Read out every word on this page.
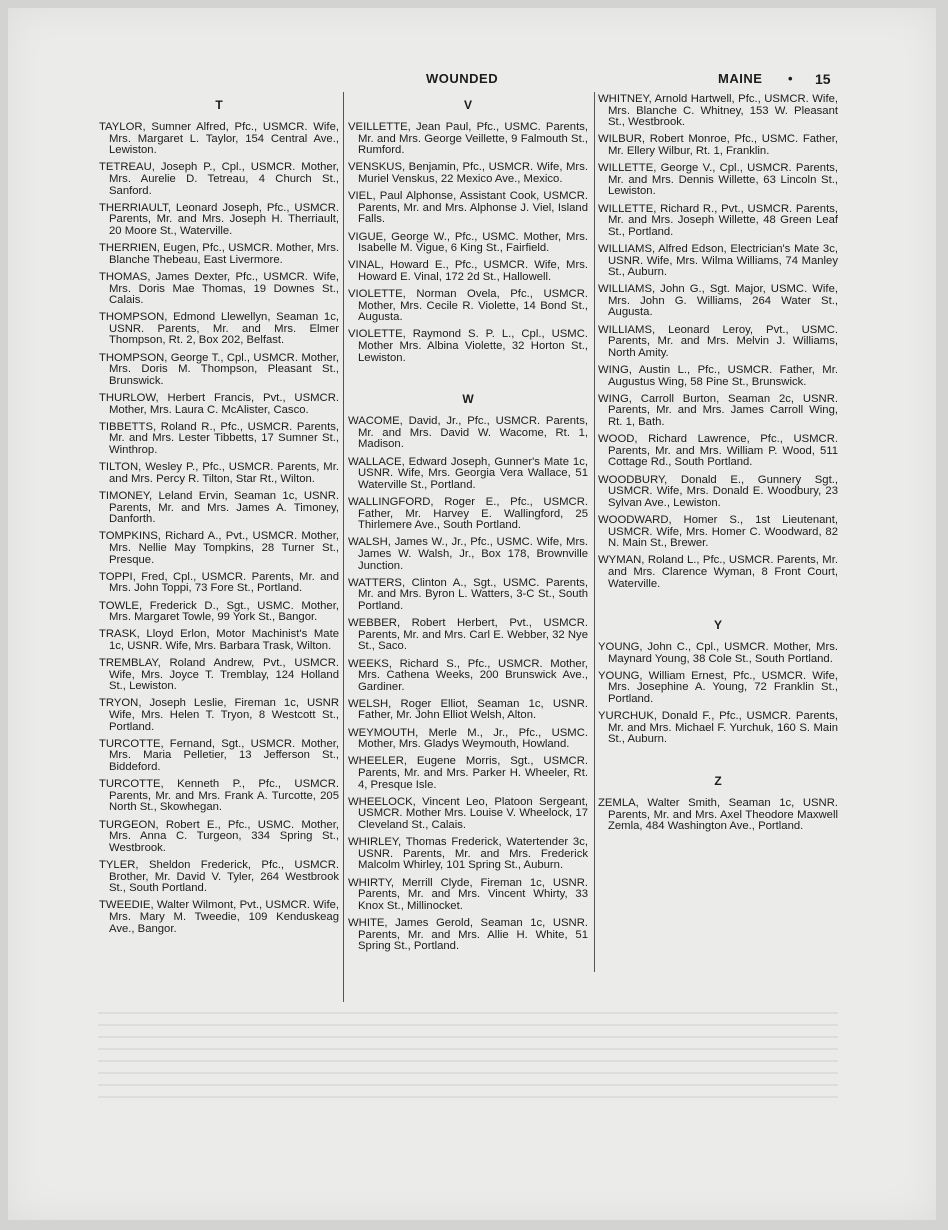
WOUNDED	MAINE • 15
T
TAYLOR, Sumner Alfred, Pfc., USMCR. Wife, Mrs. Margaret L. Taylor, 154 Central Ave., Lewiston.
TETREAU, Joseph P., Cpl., USMCR. Mother, Mrs. Aurelie D. Tetreau, 4 Church St., Sanford.
THERRIAULT, Leonard Joseph, Pfc., USMCR. Parents, Mr. and Mrs. Joseph H. Therriault, 20 Moore St., Waterville.
THERRIEN, Eugen, Pfc., USMCR. Mother, Mrs. Blanche Thebeau, East Livermore.
THOMAS, James Dexter, Pfc., USMCR. Wife, Mrs. Doris Mae Thomas, 19 Downes St., Calais.
THOMPSON, Edmond Llewellyn, Seaman 1c, USNR. Parents, Mr. and Mrs. Elmer Thompson, Rt. 2, Box 202, Belfast.
THOMPSON, George T., Cpl., USMCR. Mother, Mrs. Doris M. Thompson, Pleasant St., Brunswick.
THURLOW, Herbert Francis, Pvt., USMCR. Mother, Mrs. Laura C. McAlister, Casco.
TIBBETTS, Roland R., Pfc., USMCR. Parents, Mr. and Mrs. Lester Tibbetts, 17 Sumner St., Winthrop.
TILTON, Wesley P., Pfc., USMCR. Parents, Mr. and Mrs. Percy R. Tilton, Star Rt., Wilton.
TIMONEY, Leland Ervin, Seaman 1c, USNR. Parents, Mr. and Mrs. James A. Timoney, Danforth.
TOMPKINS, Richard A., Pvt., USMCR. Mother, Mrs. Nellie May Tompkins, 28 Turner St., Presque.
TOPPI, Fred, Cpl., USMCR. Parents, Mr. and Mrs. John Toppi, 73 Fore St., Portland.
TOWLE, Frederick D., Sgt., USMC. Mother, Mrs. Margaret Towle, 99 York St., Bangor.
TRASK, Lloyd Erlon, Motor Machinist's Mate 1c, USNR. Wife, Mrs. Barbara Trask, Wilton.
TREMBLAY, Roland Andrew, Pvt., USMCR. Wife, Mrs. Joyce T. Tremblay, 124 Holland St., Lewiston.
TRYON, Joseph Leslie, Fireman 1c, USNR Wife, Mrs. Helen T. Tryon, 8 Westcott St., Portland.
TURCOTTE, Fernand, Sgt., USMCR. Mother, Mrs. Maria Pelletier, 13 Jefferson St., Biddeford.
TURCOTTE, Kenneth P., Pfc., USMCR. Parents, Mr. and Mrs. Frank A. Turcotte, 205 North St., Skowhegan.
TURGEON, Robert E., Pfc., USMC. Mother, Mrs. Anna C. Turgeon, 334 Spring St., Westbrook.
TYLER, Sheldon Frederick, Pfc., USMCR. Brother, Mr. David V. Tyler, 264 Westbrook St., South Portland.
TWEEDIE, Walter Wilmont, Pvt., USMCR. Wife, Mrs. Mary M. Tweedie, 109 Kenduskeag Ave., Bangor.
V
VEILLETTE, Jean Paul, Pfc., USMC. Parents, Mr. and Mrs. George Veillette, 9 Falmouth St., Rumford.
VENSKUS, Benjamin, Pfc., USMCR. Wife, Mrs. Muriel Venskus, 22 Mexico Ave., Mexico.
VIEL, Paul Alphonse, Assistant Cook, USMCR. Parents, Mr. and Mrs. Alphonse J. Viel, Island Falls.
VIGUE, George W., Pfc., USMC. Mother, Mrs. Isabelle M. Vigue, 6 King St., Fairfield.
VINAL, Howard E., Pfc., USMCR. Wife, Mrs. Howard E. Vinal, 172 2d St., Hallowell.
VIOLETTE, Norman Ovela, Pfc., USMCR. Mother, Mrs. Cecile R. Violette, 14 Bond St., Augusta.
VIOLETTE, Raymond S. P. L., Cpl., USMC. Mother Mrs. Albina Violette, 32 Horton St., Lewiston.
W
WACOME, David, Jr., Pfc., USMCR. Parents, Mr. and Mrs. David W. Wacome, Rt. 1, Madison.
WALLACE, Edward Joseph, Gunner's Mate 1c, USNR. Wife, Mrs. Georgia Vera Wallace, 51 Waterville St., Portland.
WALLINGFORD, Roger E., Pfc., USMCR. Father, Mr. Harvey E. Wallingford, 25 Thirlemere Ave., South Portland.
WALSH, James W., Jr., Pfc., USMC. Wife, Mrs. James W. Walsh, Jr., Box 178, Brownville Junction.
WATTERS, Clinton A., Sgt., USMC. Parents, Mr. and Mrs. Byron L. Watters, 3-C St., South Portland.
WEBBER, Robert Herbert, Pvt., USMCR. Parents, Mr. and Mrs. Carl E. Webber, 32 Nye St., Saco.
WEEKS, Richard S., Pfc., USMCR. Mother, Mrs. Cathena Weeks, 200 Brunswick Ave., Gardiner.
WELSH, Roger Elliot, Seaman 1c, USNR. Father, Mr. John Elliot Welsh, Alton.
WEYMOUTH, Merle M., Jr., Pfc., USMC. Mother, Mrs. Gladys Weymouth, Howland.
WHEELER, Eugene Morris, Sgt., USMCR. Parents, Mr. and Mrs. Parker H. Wheeler, Rt. 4, Presque Isle.
WHEELOCK, Vincent Leo, Platoon Sergeant, USMCR. Mother Mrs. Louise V. Wheelock, 17 Cleveland St., Calais.
WHIRLEY, Thomas Frederick, Watertender 3c, USNR. Parents, Mr. and Mrs. Frederick Malcolm Whirley, 101 Spring St., Auburn.
WHIRTY, Merrill Clyde, Fireman 1c, USNR. Parents, Mr. and Mrs. Vincent Whirty, 33 Knox St., Millinocket.
WHITE, James Gerold, Seaman 1c, USNR. Parents, Mr. and Mrs. Allie H. White, 51 Spring St., Portland.
WHITNEY, Arnold Hartwell, Pfc., USMCR. Wife, Mrs. Blanche C. Whitney, 153 W. Pleasant St., Westbrook.
WILBUR, Robert Monroe, Pfc., USMC. Father, Mr. Ellery Wilbur, Rt. 1, Franklin.
WILLETTE, George V., Cpl., USMCR. Parents, Mr. and Mrs. Dennis Willette, 63 Lincoln St., Lewiston.
WILLETTE, Richard R., Pvt., USMCR. Parents, Mr. and Mrs. Joseph Willette, 48 Green Leaf St., Portland.
WILLIAMS, Alfred Edson, Electrician's Mate 3c, USNR. Wife, Mrs. Wilma Williams, 74 Manley St., Auburn.
WILLIAMS, John G., Sgt. Major, USMC. Wife, Mrs. John G. Williams, 264 Water St., Augusta.
WILLIAMS, Leonard Leroy, Pvt., USMC. Parents, Mr. and Mrs. Melvin J. Williams, North Amity.
WING, Austin L., Pfc., USMCR. Father, Mr. Augustus Wing, 58 Pine St., Brunswick.
WING, Carroll Burton, Seaman 2c, USNR. Parents, Mr. and Mrs. James Carroll Wing, Rt. 1, Bath.
WOOD, Richard Lawrence, Pfc., USMCR. Parents, Mr. and Mrs. William P. Wood, 511 Cottage Rd., South Portland.
WOODBURY, Donald E., Gunnery Sgt., USMCR. Wife, Mrs. Donald E. Woodbury, 23 Sylvan Ave., Lewiston.
WOODWARD, Homer S., 1st Lieutenant, USMCR. Wife, Mrs. Homer C. Woodward, 82 N. Main St., Brewer.
WYMAN, Roland L., Pfc., USMCR. Parents, Mr. and Mrs. Clarence Wyman, 8 Front Court, Waterville.
Y
YOUNG, John C., Cpl., USMCR. Mother, Mrs. Maynard Young, 38 Cole St., South Portland.
YOUNG, William Ernest, Pfc., USMCR. Wife, Mrs. Josephine A. Young, 72 Franklin St., Portland.
YURCHUK, Donald F., Pfc., USMCR. Parents, Mr. and Mrs. Michael F. Yurchuk, 160 S. Main St., Auburn.
Z
ZEMLA, Walter Smith, Seaman 1c, USNR. Parents, Mr. and Mrs. Axel Theodore Maxwell Zemla, 484 Washington Ave., Portland.
